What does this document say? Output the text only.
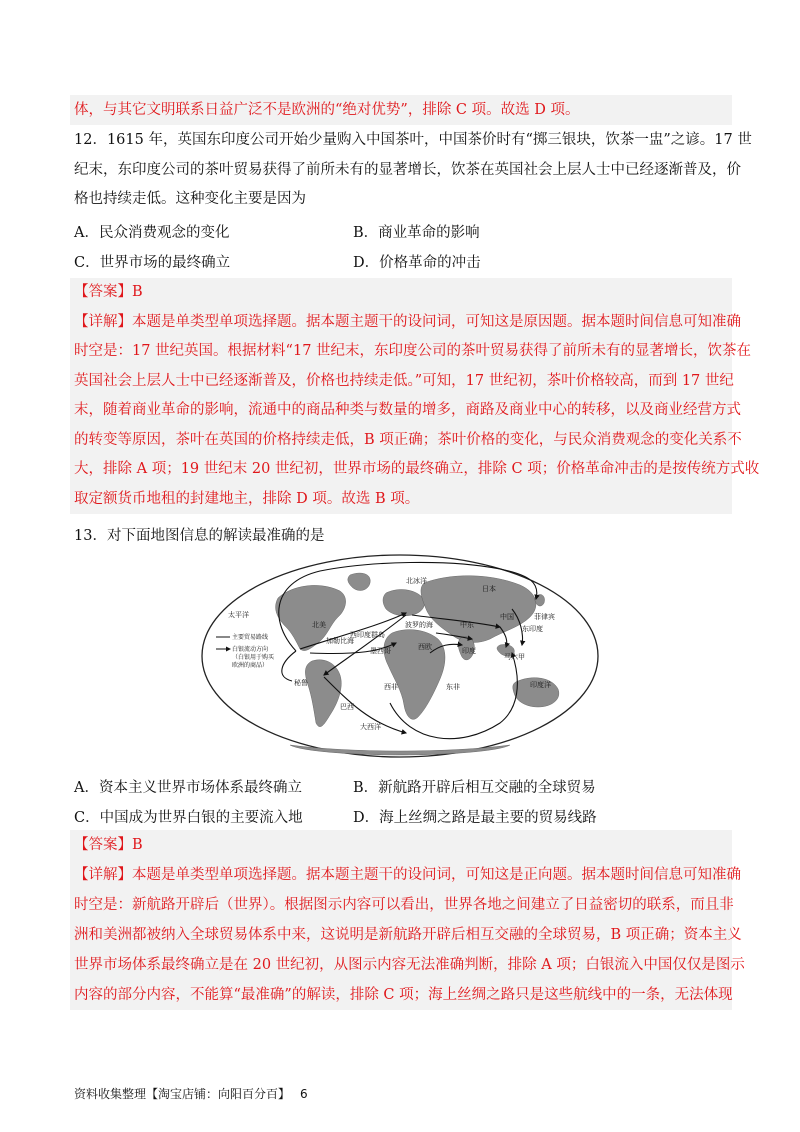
体，与其它文明联系日益广泛不是欧洲的“绝对优势”，排除 C 项。故选 D 项。
12．1615 年，英国东印度公司开始少量购入中国茶叶，中国茶价时有“掷三银块，饮茶一盅”之谚。17 世
纪末，东印度公司的茶叶贸易获得了前所未有的显著增长，饮茶在英国社会上层人士中已经逐渐普及，价
格也持续走低。这种变化主要是因为
A．民众消费观念的变化	B．商业革命的影响
C．世界市场的最终确立	D．价格革命的冲击
【答案】B
【详解】本题是单类型单项选择题。据本题主题干的设问词，可知这是原因题。据本题时间信息可知准确
时空是：17 世纪英国。根据材料“17 世纪末，东印度公司的茶叶贸易获得了前所未有的显著增长，饮茶在
英国社会上层人士中已经逐渐普及，价格也持续走低。”可知，17 世纪初，茶叶价格较高，而到 17 世纪
末，随着商业革命的影响，流通中的商品种类与数量的增多，商路及商业中心的转移，以及商业经营方式
的转变等原因，茶叶在英国的价格持续走低，B 项正确；茶叶价格的变化，与民众消费观念的变化关系不
大，排除 A 项；19 世纪末 20 世纪初，世界市场的最终确立，排除 C 项；价格革命冲击的是按传统方式收
取定额货币地租的封建地主，排除 D 项。故选 B 项。
13．对下面地图信息的解读最准确的是
主要贸易路线
白银流动方向
（白银用于购买
欧洲的商品）
太平洋
北冰洋
日本
北美
西印度群岛
波罗的海	中东
中国	菲律宾
东印度
墨西哥	西欧	印度
马六甲
秘鲁	西非	东非	印度洋
巴西
大西洋
加勒比海
A．资本主义世界市场体系最终确立	B．新航路开辟后相互交融的全球贸易
C．中国成为世界白银的主要流入地	D．海上丝绸之路是最主要的贸易线路
【答案】B
【详解】本题是单类型单项选择题。据本题主题干的设问词，可知这是正向题。据本题时间信息可知准确
时空是：新航路开辟后（世界）。根据图示内容可以看出，世界各地之间建立了日益密切的联系，而且非
洲和美洲都被纳入全球贸易体系中来，这说明是新航路开辟后相互交融的全球贸易，B 项正确；资本主义
世界市场体系最终确立是在 20 世纪初，从图示内容无法准确判断，排除 A 项；白银流入中国仅仅是图示
内容的部分内容，不能算“最准确”的解读，排除 C 项；海上丝绸之路只是这些航线中的一条，无法体现
资料收集整理【淘宝店铺：向阳百分百】 6
